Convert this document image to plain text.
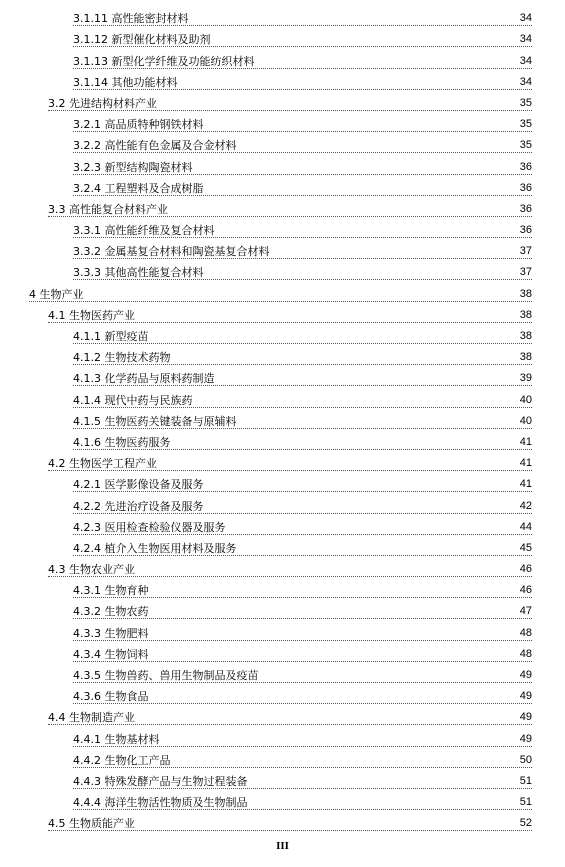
3.1.11 高性能密封材料	34
3.1.12 新型催化材料及助剂	34
3.1.13 新型化学纤维及功能纺织材料	34
3.1.14 其他功能材料	34
3.2 先进结构材料产业	35
3.2.1 高品质特种钢铁材料	35
3.2.2 高性能有色金属及合金材料	35
3.2.3 新型结构陶瓷材料	36
3.2.4 工程塑料及合成树脂	36
3.3 高性能复合材料产业	36
3.3.1 高性能纤维及复合材料	36
3.3.2 金属基复合材料和陶瓷基复合材料	37
3.3.3 其他高性能复合材料	37
4 生物产业	38
4.1 生物医药产业	38
4.1.1 新型疫苗	38
4.1.2 生物技术药物	38
4.1.3 化学药品与原料药制造	39
4.1.4 现代中药与民族药	40
4.1.5 生物医药关键装备与原辅料	40
4.1.6 生物医药服务	41
4.2 生物医学工程产业	41
4.2.1 医学影像设备及服务	41
4.2.2 先进治疗设备及服务	42
4.2.3 医用检查检验仪器及服务	44
4.2.4 植介入生物医用材料及服务	45
4.3 生物农业产业	46
4.3.1 生物育种	46
4.3.2 生物农药	47
4.3.3 生物肥料	48
4.3.4 生物饲料	48
4.3.5 生物兽药、兽用生物制品及疫苗	49
4.3.6 生物食品	49
4.4 生物制造产业	49
4.4.1 生物基材料	49
4.4.2 生物化工产品	50
4.4.3 特殊发酵产品与生物过程装备	51
4.4.4 海洋生物活性物质及生物制品	51
4.5 生物质能产业	52
III
